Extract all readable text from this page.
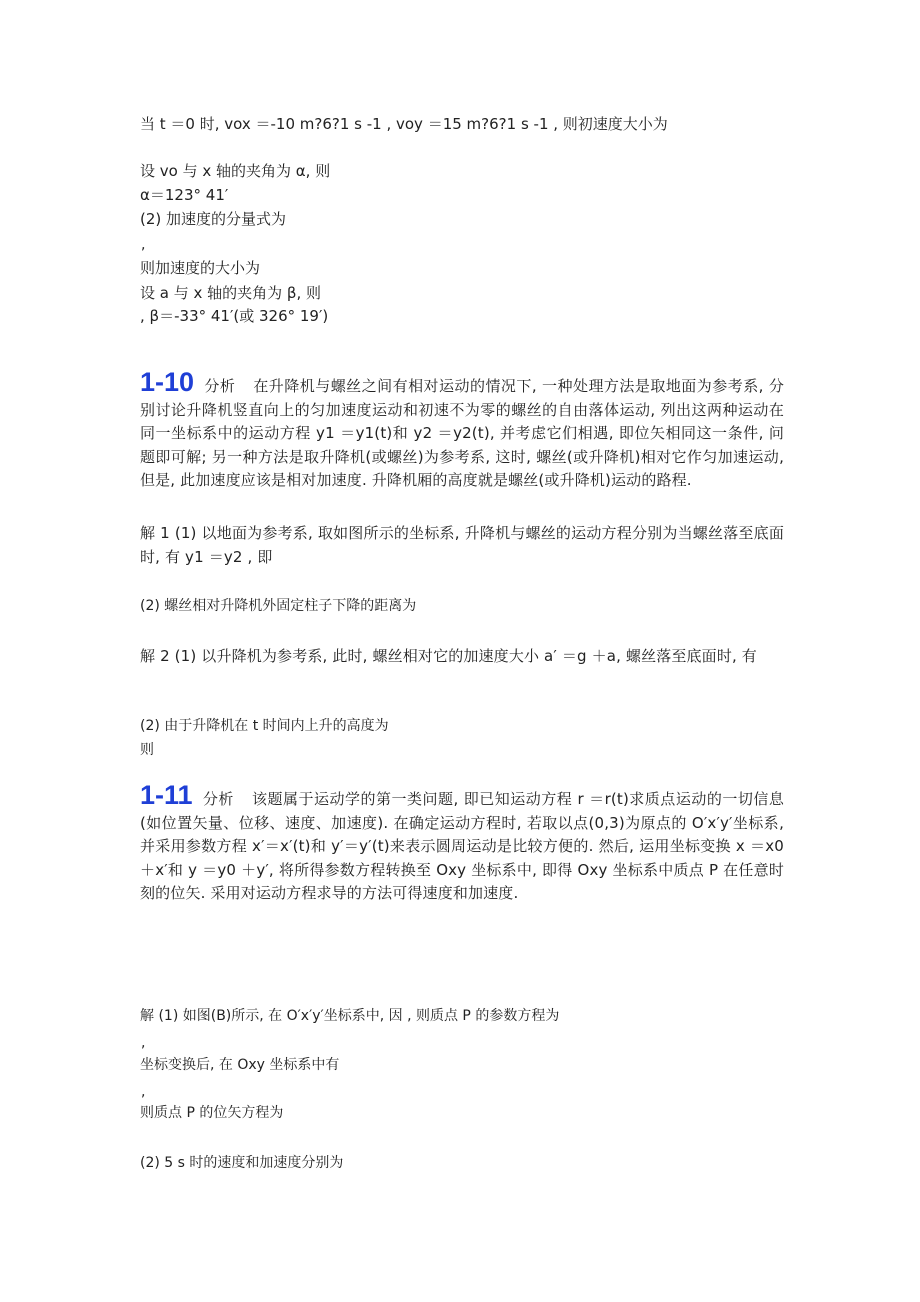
当 t ＝0 时, vox ＝-10 m?6?1 s -1 , voy ＝15 m?6?1 s -1 , 则初速度大小为
设 vo 与 x 轴的夹角为 α, 则
α＝123° 41′
(2) 加速度的分量式为
,
则加速度的大小为
设 a 与 x 轴的夹角为 β, 则
, β＝-33° 41′(或 326° 19′)
1-10 分析 在升降机与螺丝之间有相对运动的情况下, 一种处理方法是取地面为参考系, 分别讨论升降机竖直向上的匀加速度运动和初速不为零的螺丝的自由落体运动, 列出这两种运动在同一坐标系中的运动方程 y1 ＝y1(t)和 y2 ＝y2(t), 并考虑它们相遇, 即位矢相同这一条件, 问题即可解; 另一种方法是取升降机(或螺丝)为参考系, 这时, 螺丝(或升降机)相对它作匀加速运动, 但是, 此加速度应该是相对加速度. 升降机厢的高度就是螺丝(或升降机)运动的路程.
解 1 (1) 以地面为参考系, 取如图所示的坐标系, 升降机与螺丝的运动方程分别为当螺丝落至底面时, 有 y1 ＝y2 , 即
(2) 螺丝相对升降机外固定柱子下降的距离为
解 2 (1) 以升降机为参考系, 此时, 螺丝相对它的加速度大小 a′ ＝g ＋a, 螺丝落至底面时, 有
(2) 由于升降机在 t 时间内上升的高度为
则
1-11 分析 该题属于运动学的第一类问题, 即已知运动方程 r ＝r(t)求质点运动的一切信息(如位置矢量、位移、速度、加速度). 在确定运动方程时, 若取以点(0,3)为原点的 O′x′y′坐标系, 并采用参数方程 x′＝x′(t)和 y′＝y′(t)来表示圆周运动是比较方便的. 然后, 运用坐标变换 x ＝x0 ＋x′和 y ＝y0 ＋y′, 将所得参数方程转换至 Oxy 坐标系中, 即得 Oxy 坐标系中质点 P 在任意时刻的位矢. 采用对运动方程求导的方法可得速度和加速度.
解 (1) 如图(B)所示, 在 O′x′y′坐标系中, 因 , 则质点 P 的参数方程为
,
坐标变换后, 在 Oxy 坐标系中有
,
则质点 P 的位矢方程为
(2) 5 s 时的速度和加速度分别为
